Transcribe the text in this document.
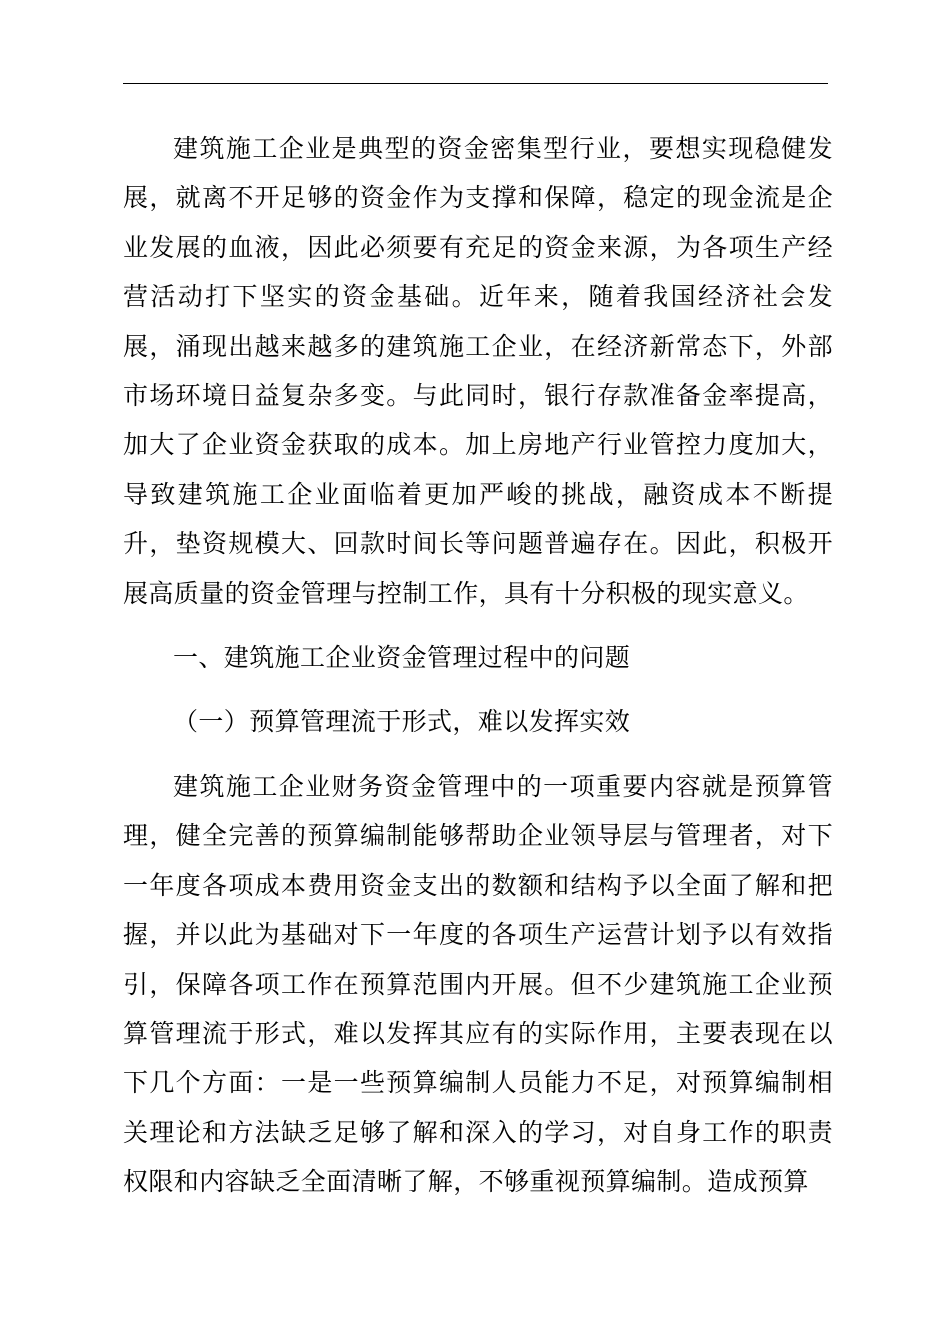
建筑施工企业是典型的资金密集型行业，要想实现稳健发展，就离不开足够的资金作为支撑和保障，稳定的现金流是企业发展的血液，因此必须要有充足的资金来源，为各项生产经营活动打下坚实的资金基础。近年来，随着我国经济社会发展，涌现出越来越多的建筑施工企业，在经济新常态下，外部市场环境日益复杂多变。与此同时，银行存款准备金率提高，加大了企业资金获取的成本。加上房地产行业管控力度加大，导致建筑施工企业面临着更加严峻的挑战，融资成本不断提升，垫资规模大、回款时间长等问题普遍存在。因此，积极开展高质量的资金管理与控制工作，具有十分积极的现实意义。

一、建筑施工企业资金管理过程中的问题

（一）预算管理流于形式，难以发挥实效

建筑施工企业财务资金管理中的一项重要内容就是预算管理，健全完善的预算编制能够帮助企业领导层与管理者，对下一年度各项成本费用资金支出的数额和结构予以全面了解和把握，并以此为基础对下一年度的各项生产运营计划予以有效指引，保障各项工作在预算范围内开展。但不少建筑施工企业预算管理流于形式，难以发挥其应有的实际作用，主要表现在以下几个方面：一是一些预算编制人员能力不足，对预算编制相关理论和方法缺乏足够了解和深入的学习，对自身工作的职责权限和内容缺乏全面清晰了解，不够重视预算编制。造成预算
